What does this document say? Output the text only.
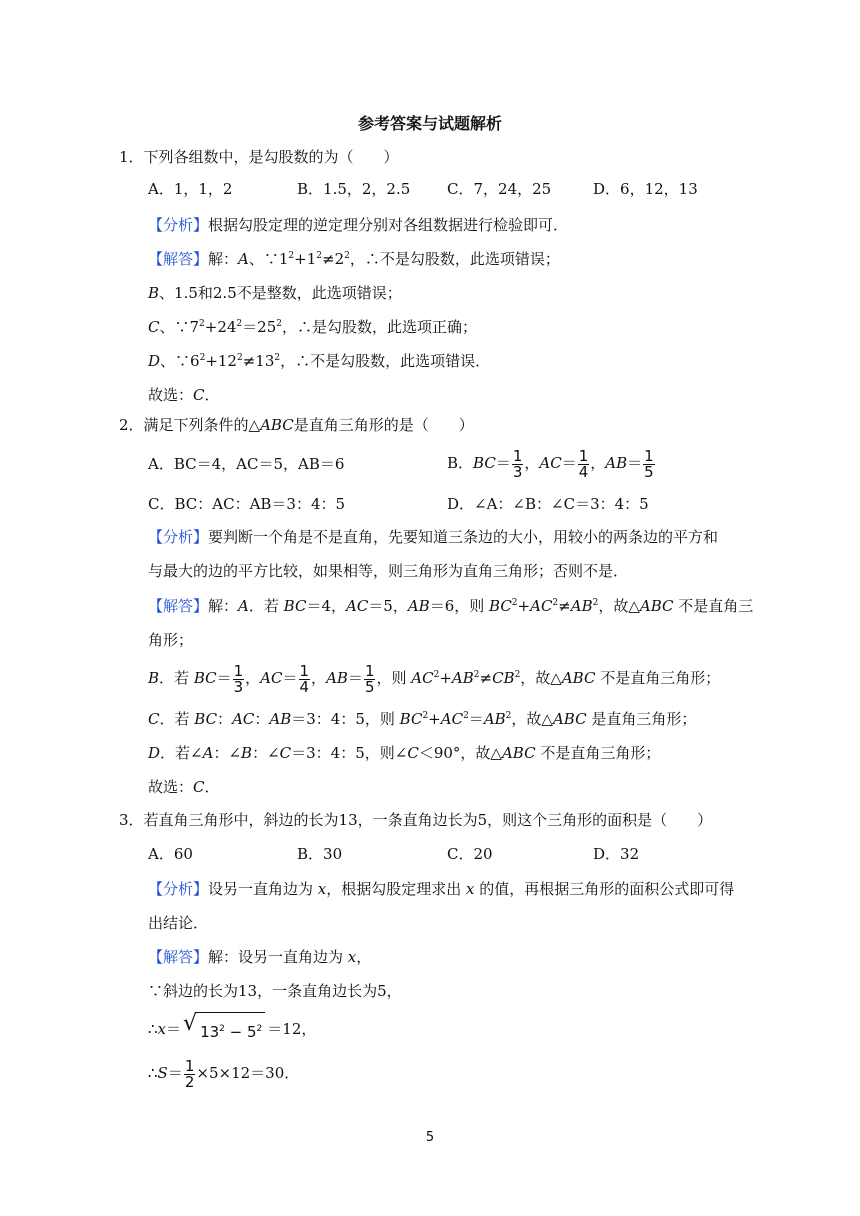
参考答案与试题解析
1．下列各组数中，是勾股数的为（　　）
A．1，1，2	B．1.5，2，2.5 C．7，24，25	D．6，12，13
【分析】根据勾股定理的逆定理分别对各组数据进行检验即可．
【解答】解：A、$\because 1^2+1^2\ne 2^2$，∴不是勾股数，此选项错误；
B、1.5和2.5不是整数，此选项错误；
C、$\because 7^2+24^2=25^2$，∴是勾股数，此选项正确；
D、$\because 6^2+12^2\ne 13^2$，∴不是勾股数，此选项错误．
故选：C．
2．满足下列条件的△ABC是直角三角形的是（　　）
A．BC＝4，AC＝5，AB＝6	B．$BC= \frac{1}{3}$ ，$AC= \frac{1}{4}$ ，$AB= \frac{1}{5}$
C．BC：AC：AB＝3：4：5	D．∠A：∠B：∠C＝3：4：5
【分析】要判断一个角是不是直角，先要知道三条边的大小，用较小的两条边的平方和
与最大的边的平方比较，如果相等，则三角形为直角三角形；否则不是．
【解答】解：A．若 BC＝4，AC＝5，AB＝6，则 $BC^2+AC^2\ne AB^2$，故△ABC 不是直角三
角形；
B．若 $BC= \frac{1}{3}$ ，$AC= \frac{1}{4}$ ，$AB= \frac{1}{5}$ ，则 $AC^2+AB^2\ne CB^2$，故△ABC 不是直角三角形；
C．若 BC：AC：AB＝3：4：5，则 $BC^2+AC^2=AB^2$，故△ABC 是直角三角形；
D．若∠A：∠B：∠C＝3：4：5，则∠C＜90°，故△ABC 不是直角三角形；
故选：C．
3．若直角三角形中，斜边的长为13，一条直角边长为5，则这个三角形的面积是（　　）
A．60	B．30	C．20	D．32
【分析】设另一直角边为 x，根据勾股定理求出 x 的值，再根据三角形的面积公式即可得
出结论．
【解答】解：设另一直角边为 x，
∵斜边的长为13，一条直角边长为5，
∴x＝ √ $13^2 - 5^2 =12$，
∴S＝ $\frac{1}{2} \times 5\times 12=30$．
5
